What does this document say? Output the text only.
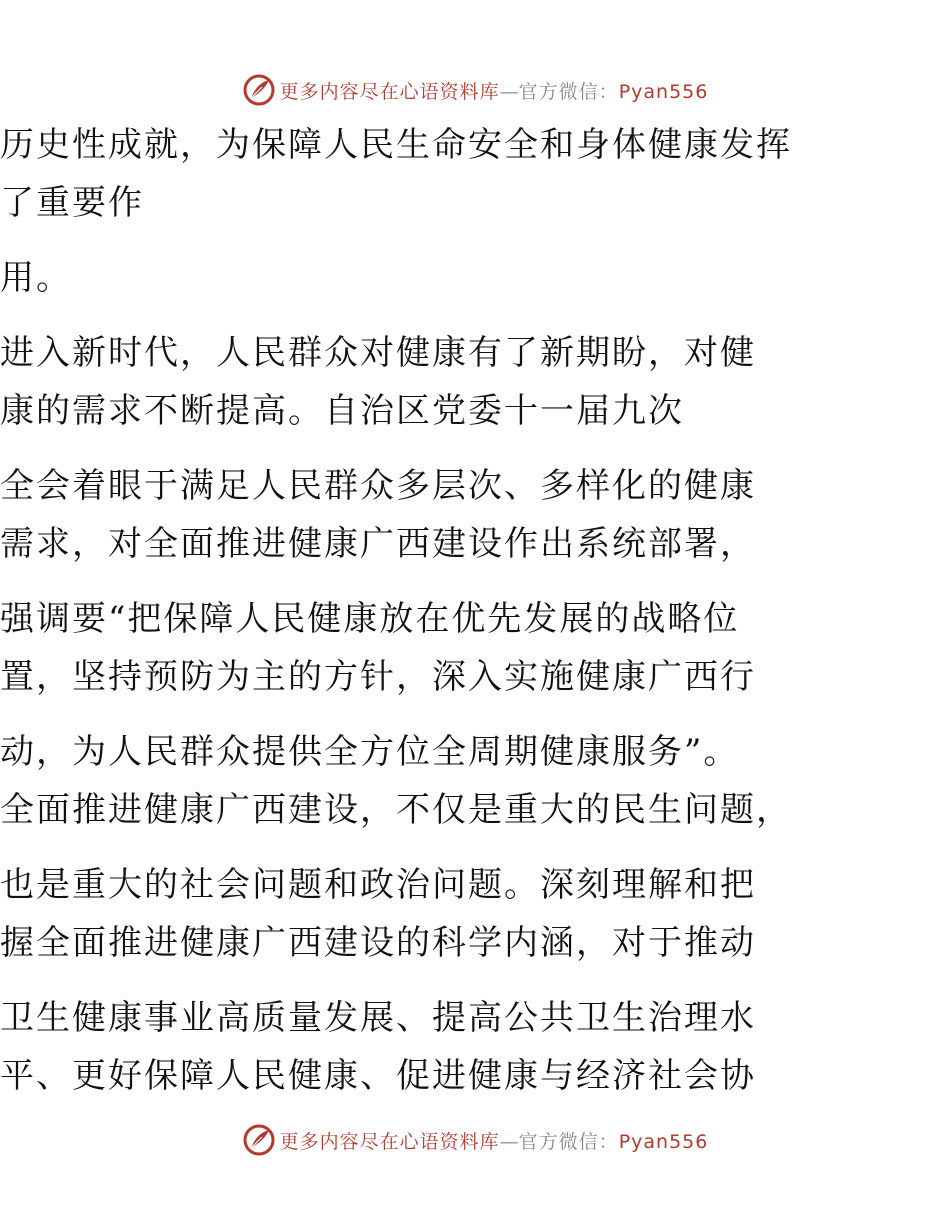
更多内容尽在心语资料库—官方微信：Pyan556
历史性成就，为保障人民生命安全和身体健康发挥
了重要作
用。
进入新时代，人民群众对健康有了新期盼，对健
康的需求不断提高。自治区党委十一届九次
全会着眼于满足人民群众多层次、多样化的健康
需求，对全面推进健康广西建设作出系统部署，
强调要“把保障人民健康放在优先发展的战略位
置，坚持预防为主的方针，深入实施健康广西行
动，为人民群众提供全方位全周期健康服务”。
全面推进健康广西建设，不仅是重大的民生问题，
也是重大的社会问题和政治问题。深刻理解和把
握全面推进健康广西建设的科学内涵，对于推动
卫生健康事业高质量发展、提高公共卫生治理水
平、更好保障人民健康、促进健康与经济社会协
更多内容尽在心语资料库—官方微信：Pyan556
